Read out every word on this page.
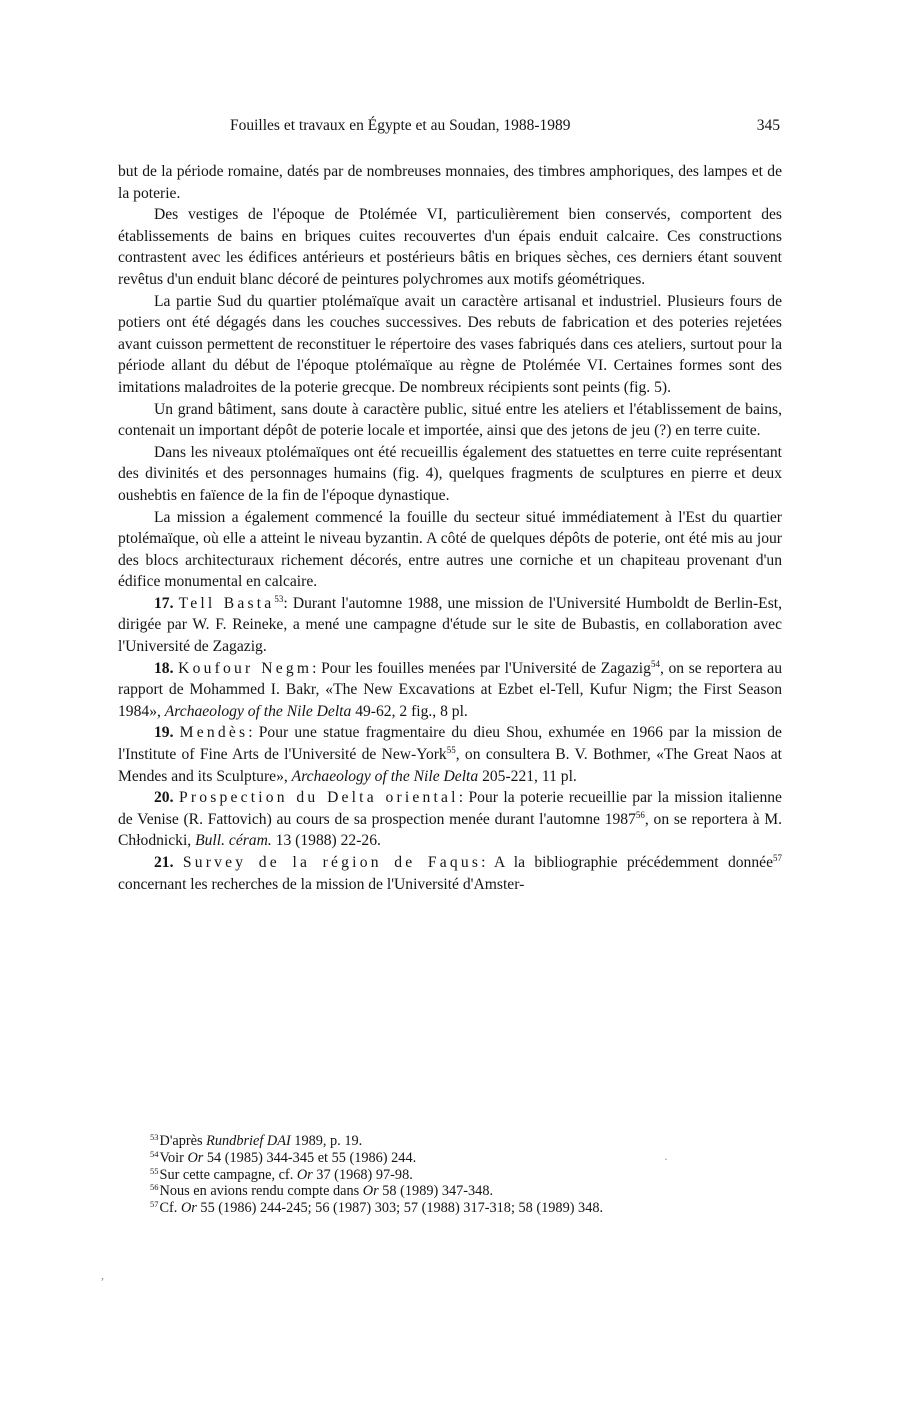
Fouilles et travaux en Égypte et au Soudan, 1988-1989	345

but de la période romaine, datés par de nombreuses monnaies, des timbres amphoriques, des lampes et de la poterie.

Des vestiges de l'époque de Ptolémée VI, particulièrement bien conservés, comportent des établissements de bains en briques cuites recouvertes d'un épais enduit calcaire. Ces constructions contrastent avec les édifices antérieurs et postérieurs bâtis en briques sèches, ces derniers étant souvent revêtus d'un enduit blanc décoré de peintures polychromes aux motifs géométriques.

La partie Sud du quartier ptolémaïque avait un caractère artisanal et industriel. Plusieurs fours de potiers ont été dégagés dans les couches successives. Des rebuts de fabrication et des poteries rejetées avant cuisson permettent de reconstituer le répertoire des vases fabriqués dans ces ateliers, surtout pour la période allant du début de l'époque ptolémaïque au règne de Ptolémée VI. Certaines formes sont des imitations maladroites de la poterie grecque. De nombreux récipients sont peints (fig. 5).

Un grand bâtiment, sans doute à caractère public, situé entre les ateliers et l'établissement de bains, contenait un important dépôt de poterie locale et importée, ainsi que des jetons de jeu (?) en terre cuite.

Dans les niveaux ptolémaïques ont été recueillis également des statuettes en terre cuite représentant des divinités et des personnages humains (fig. 4), quelques fragments de sculptures en pierre et deux oushebtis en faïence de la fin de l'époque dynastique.

La mission a également commencé la fouille du secteur situé immédiatement à l'Est du quartier ptolémaïque, où elle a atteint le niveau byzantin. A côté de quelques dépôts de poterie, ont été mis au jour des blocs architecturaux richement décorés, entre autres une corniche et un chapiteau provenant d'un édifice monumental en calcaire.

17. Tell Basta$^{53}$: Durant l'automne 1988, une mission de l'Université Humboldt de Berlin-Est, dirigée par W. F. Reineke, a mené une campagne d'étude sur le site de Bubastis, en collaboration avec l'Université de Zagazig.

18. Koufour Negm: Pour les fouilles menées par l'Université de Zagazig$^{54}$, on se reportera au rapport de Mohammed I. Bakr, «The New Excavations at Ezbet el-Tell, Kufur Nigm; the First Season 1984», Archaeology of the Nile Delta 49-62, 2 fig., 8 pl.

19. Mendès: Pour une statue fragmentaire du dieu Shou, exhumée en 1966 par la mission de l'Institute of Fine Arts de l'Université de New-York$^{55}$, on consultera B. V. Bothmer, «The Great Naos at Mendes and its Sculpture», Archaeology of the Nile Delta 205-221, 11 pl.

20. Prospection du Delta oriental: Pour la poterie recueillie par la mission italienne de Venise (R. Fattovich) au cours de sa prospection menée durant l'automne 1987$^{56}$, on se reportera à M. Chłodnicki, Bull. céram. 13 (1988) 22-26.

21. Survey de la région de Faqus: A la bibliographie précédemment donnée$^{57}$ concernant les recherches de la mission de l'Université d'Amster-

$^{53}$D'après Rundbrief DAI 1989, p. 19.

$^{54}$Voir Or 54 (1985) 344-345 et 55 (1986) 244.

$^{55}$Sur cette campagne, cf. Or 37 (1968) 97-98.

$^{56}$Nous en avions rendu compte dans Or 58 (1989) 347-348.

$^{57}$Cf. Or 55 (1986) 244-245; 56 (1987) 303; 57 (1988) 317-318; 58 (1989) 348.

·
,
